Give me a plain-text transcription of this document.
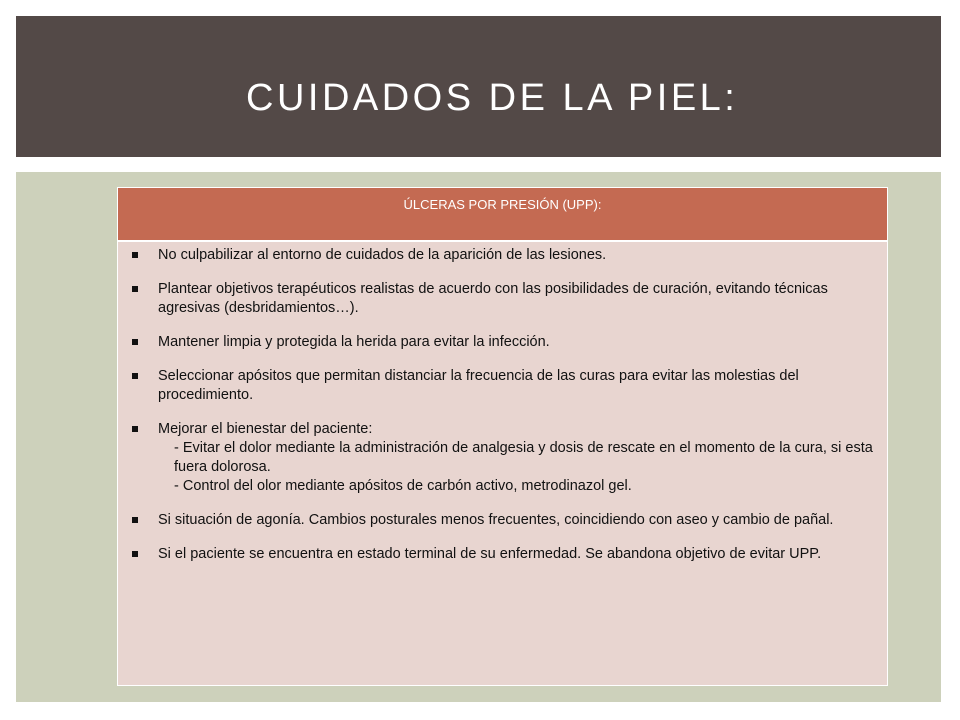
CUIDADOS DE LA PIEL:
ÚLCERAS POR PRESIÓN (UPP):
No culpabilizar al entorno de cuidados de la aparición de las lesiones.
Plantear objetivos terapéuticos realistas de acuerdo con las posibilidades de curación, evitando técnicas agresivas (desbridamientos…).
Mantener limpia y protegida la herida para evitar la infección.
Seleccionar apósitos que permitan distanciar la frecuencia de las curas para evitar las molestias del procedimiento.
Mejorar el bienestar del paciente:
- Evitar el dolor mediante la administración de analgesia y dosis de rescate en el momento de la cura, si esta fuera dolorosa.
- Control del olor mediante apósitos de carbón activo, metrodinazol gel.
Si situación de agonía. Cambios posturales menos frecuentes, coincidiendo con aseo y cambio de pañal.
Si el paciente se encuentra en estado terminal de su enfermedad. Se abandona objetivo de evitar UPP.
